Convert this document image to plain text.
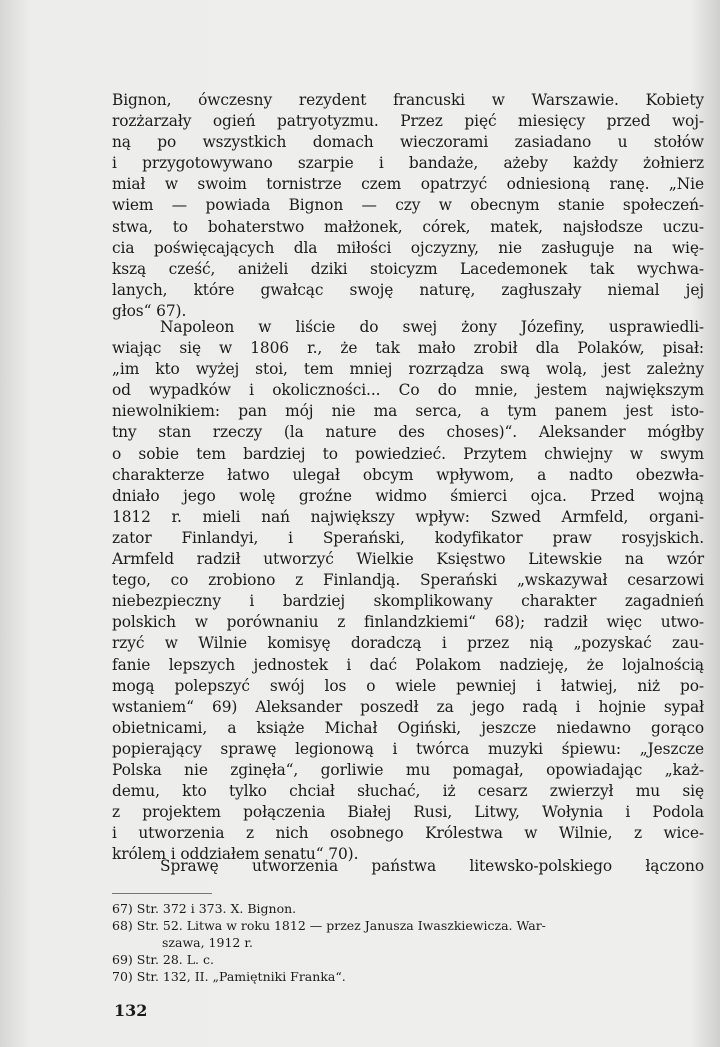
Bignon, ówczesny rezydent francuski w Warszawie. Kobiety
rozżarzały ogień patryotyzmu. Przez pięć miesięcy przed woj-
ną po wszystkich domach wieczorami zasiadano u stołów
i przygotowywano szarpie i bandaże, ażeby każdy żołnierz
miał w swoim tornistrze czem opatrzyć odniesioną ranę. „Nie
wiem — powiada Bignon — czy w obecnym stanie społeczeń-
stwa, to bohaterstwo małżonek, córek, matek, najsłodsze uczu-
cia poświęcających dla miłości ojczyzny, nie zasługuje na wię-
kszą cześć, aniżeli dziki stoicyzm Lacedemonek tak wychwa-
lanych, które gwałcąc swoję naturę, zagłuszały niemal jej
głos“ 67).
Napoleon w liście do swej żony Józefiny, usprawiedli-
wiając się w 1806 r., że tak mało zrobił dla Polaków, pisał:
„im kto wyżej stoi, tem mniej rozrządza swą wolą, jest zależny
od wypadków i okoliczności... Co do mnie, jestem największym
niewolnikiem: pan mój nie ma serca, a tym panem jest isto-
tny stan rzeczy (la nature des choses)“. Aleksander mógłby
o sobie tem bardziej to powiedzieć. Przytem chwiejny w swym
charakterze łatwo ulegał obcym wpływom, a nadto obezwła-
dniało jego wolę groźne widmo śmierci ojca. Przed wojną
1812 r. mieli nań największy wpływ: Szwed Armfeld, organi-
zator Finlandyi, i Sperański, kodyfikator praw rosyjskich.
Armfeld radził utworzyć Wielkie Księstwo Litewskie na wzór
tego, co zrobiono z Finlandją. Sperański „wskazywał cesarzowi
niebezpieczny i bardziej skomplikowany charakter zagadnień
polskich w porównaniu z finlandzkiemi“ 68); radził więc utwo-
rzyć w Wilnie komisyę doradczą i przez nią „pozyskać zau-
fanie lepszych jednostek i dać Polakom nadzieję, że lojalnością
mogą polepszyć swój los o wiele pewniej i łatwiej, niż po-
wstaniem“ 69) Aleksander poszedł za jego radą i hojnie sypał
obietnicami, a książe Michał Ogiński, jeszcze niedawno gorąco
popierający sprawę legionową i twórca muzyki śpiewu: „Jeszcze
Polska nie zginęła“, gorliwie mu pomagał, opowiadając „każ-
demu, kto tylko chciał słuchać, iż cesarz zwierzył mu się
z projektem połączenia Białej Rusi, Litwy, Wołynia i Podola
i utworzenia z nich osobnego Królestwa w Wilnie, z wice-
królem i oddziałem senatu“ 70).
Sprawę utworzenia państwa litewsko-polskiego łączono
67) Str. 372 i 373. X. Bignon.
68) Str. 52. Litwa w roku 1812 — przez Janusza Iwaszkiewicza. War-
szawa, 1912 r.
69) Str. 28. L. c.
70) Str. 132, II. „Pamiętniki Franka“.
132
